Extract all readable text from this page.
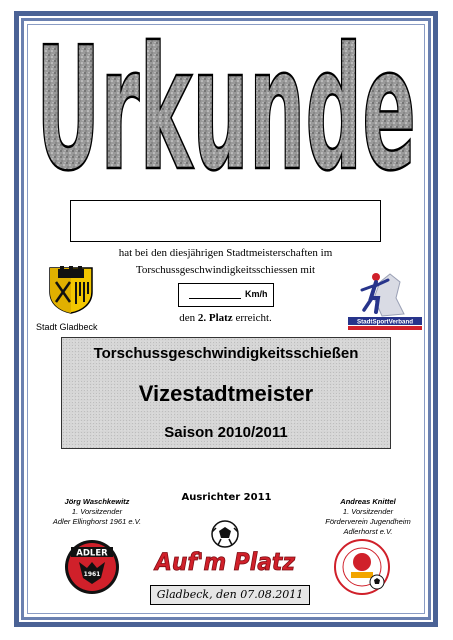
Urkunde
hat bei den diesjährigen Stadtmeisterschaften im
Torschussgeschwindigkeitsschiessen mit
Stadt Gladbeck
Km/h
den 2. Platz erreicht.	StadtSportVerband
Torschussgeschwindigkeitsschießen
Vizestadtmeister
Saison 2010/2011
Jörg Waschkewitz
1. Vorsitzender
Adler Ellinghorst 1961 e.V.
Ausrichter 2011	Andreas Knittel
1. Vorsitzender
Förderverein Jugendheim Adlerhorst e.V.
ADLER
1961 Auf'm Platz
Gladbeck, den 07.08.2011
